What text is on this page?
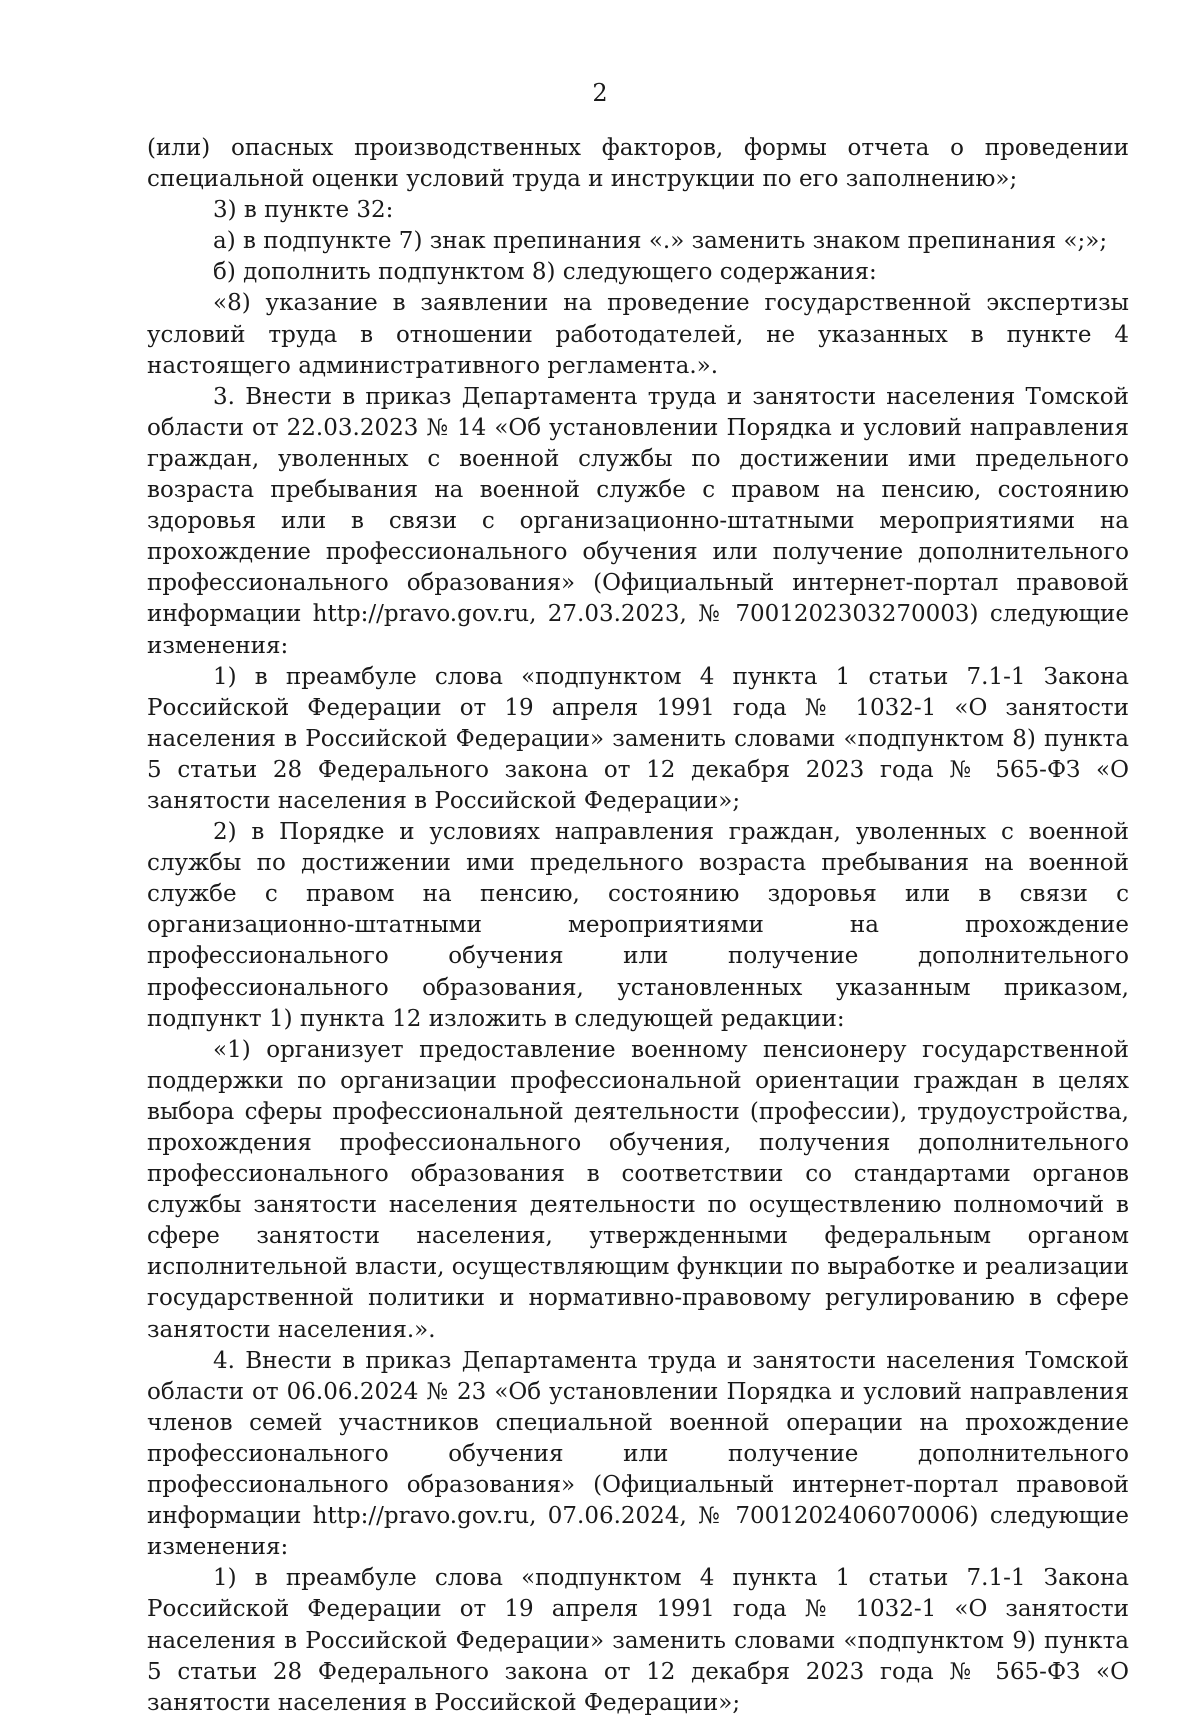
2

(или) опасных производственных факторов, формы отчета о проведении специальной оценки условий труда и инструкции по его заполнению»;

3) в пункте 32:

а) в подпункте 7) знак препинания «.» заменить знаком препинания «;»;

б) дополнить подпунктом 8) следующего содержания:

«8) указание в заявлении на проведение государственной экспертизы условий труда в отношении работодателей, не указанных в пункте 4 настоящего административного регламента.».

3. Внести в приказ Департамента труда и занятости населения Томской области от 22.03.2023 № 14 «Об установлении Порядка и условий направления граждан, уволенных с военной службы по достижении ими предельного возраста пребывания на военной службе с правом на пенсию, состоянию здоровья или в связи с организационно-штатными мероприятиями на прохождение профессионального обучения или получение дополнительного профессионального образования» (Официальный интернет-портал правовой информации http://pravo.gov.ru, 27.03.2023, № 7001202303270003) следующие изменения:

1) в преамбуле слова «подпунктом 4 пункта 1 статьи 7.1-1 Закона Российской Федерации от 19 апреля 1991 года № 1032-1 «О занятости населения в Российской Федерации» заменить словами «подпунктом 8) пункта 5 статьи 28 Федерального закона от 12 декабря 2023 года № 565-ФЗ «О занятости населения в Российской Федерации»;

2) в Порядке и условиях направления граждан, уволенных с военной службы по достижении ими предельного возраста пребывания на военной службе с правом на пенсию, состоянию здоровья или в связи с организационно-штатными мероприятиями на прохождение профессионального обучения или получение дополнительного профессионального образования, установленных указанным приказом, подпункт 1) пункта 12 изложить в следующей редакции:

«1) организует предоставление военному пенсионеру государственной поддержки по организации профессиональной ориентации граждан в целях выбора сферы профессиональной деятельности (профессии), трудоустройства, прохождения профессионального обучения, получения дополнительного профессионального образования в соответствии со стандартами органов службы занятости населения деятельности по осуществлению полномочий в сфере занятости населения, утвержденными федеральным органом исполнительной власти, осуществляющим функции по выработке и реализации государственной политики и нормативно-правовому регулированию в сфере занятости населения.».

4. Внести в приказ Департамента труда и занятости населения Томской области от 06.06.2024 № 23 «Об установлении Порядка и условий направления членов семей участников специальной военной операции на прохождение профессионального обучения или получение дополнительного профессионального образования» (Официальный интернет-портал правовой информации http://pravo.gov.ru, 07.06.2024, № 7001202406070006) следующие изменения:

1) в преамбуле слова «подпунктом 4 пункта 1 статьи 7.1-1 Закона Российской Федерации от 19 апреля 1991 года № 1032-1 «О занятости населения в Российской Федерации» заменить словами «подпунктом 9) пункта 5 статьи 28 Федерального закона от 12 декабря 2023 года № 565-ФЗ «О занятости населения в Российской Федерации»;
